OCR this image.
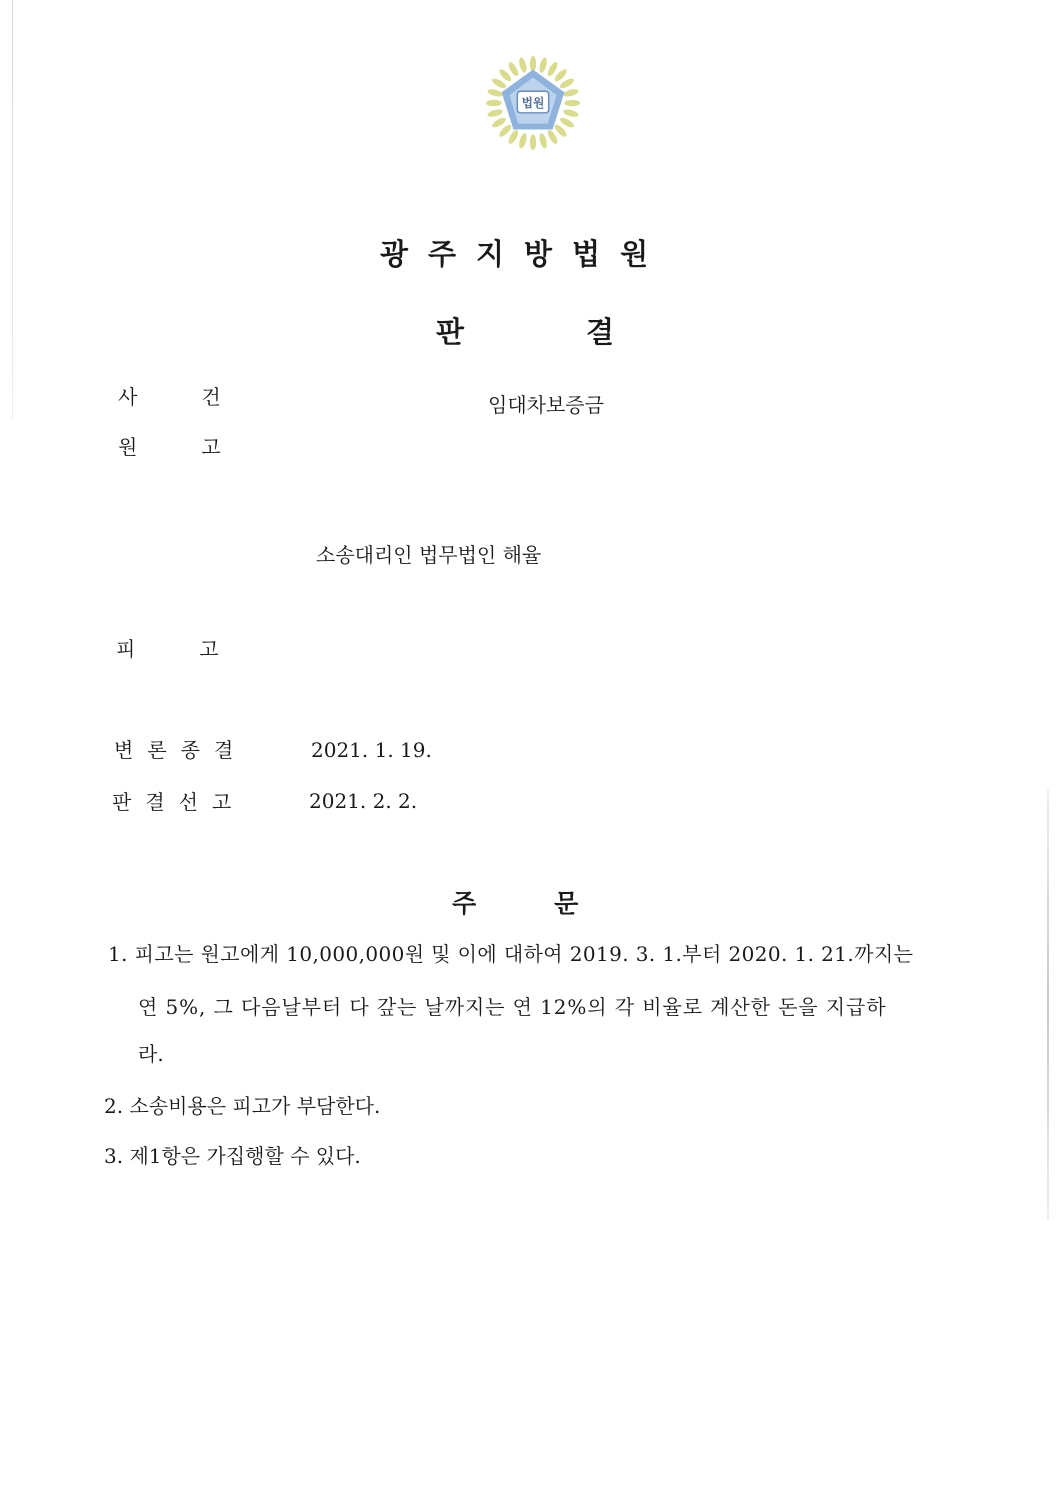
법원
광주지방법원
판결
사건	임대차보증금
원고
소송대리인 법무법인 해율
피고
변론종결	2021. 1. 19.
판결선고	2021. 2. 2.
주문
1. 피고는 원고에게 10,000,000원 및 이에 대하여 2019. 3. 1.부터 2020. 1. 21.까지는
연 5%, 그 다음날부터 다 갚는 날까지는 연 12%의 각 비율로 계산한 돈을 지급하
라.
2. 소송비용은 피고가 부담한다.
3. 제1항은 가집행할 수 있다.
